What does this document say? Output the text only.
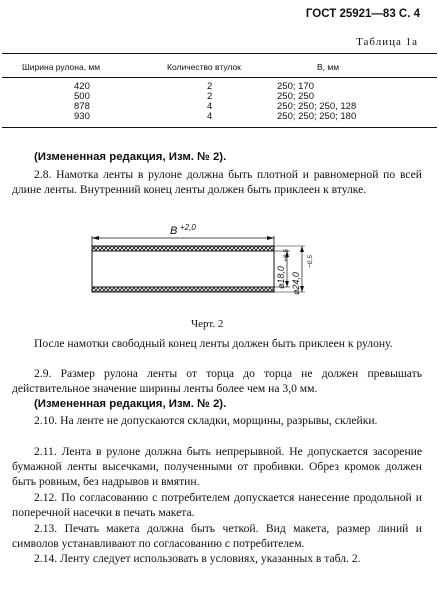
ГОСТ 25921—83 С. 4
Таблица 1а
Ширина рулона, мм	Количество втулок	B, мм
420
500
878
930
2
2
4
4
250; 170
250; 250
250; 250; 250, 128
250; 250; 250; 180
(Измененная редакция, Изм. № 2).
2.8. Намотка ленты в рулоне должна быть плотной и равномерной по всей длине ленты. Внутренний конец ленты должен быть приклеен к втулке.
B +2,0
⌀18,0
+0,5
⌀24,0
−0,5
Черт. 2
После намотки свободный конец ленты должен быть приклеен к рулону.
2.9. Размер рулона ленты от торца до торца не должен превышать действительное значение ширины ленты более чем на 3,0 мм.
(Измененная редакция, Изм. № 2).
2.10. На ленте не допускаются складки, морщины, разрывы, склейки.
2.11. Лента в рулоне должна быть непрерывной. Не допускается засорение бумажной ленты высечками, полученными от пробивки. Обрез кромок должен быть ровным, без надрывов и вмятин.
2.12. По согласованию с потребителем допускается нанесение продольной и поперечной насечки в печать макета.
2.13. Печать макета должна быть четкой. Вид макета, размер линий и символов устанавливают по согласованию с потребителем.
2.14. Ленту следует использовать в условиях, указанных в табл. 2.
